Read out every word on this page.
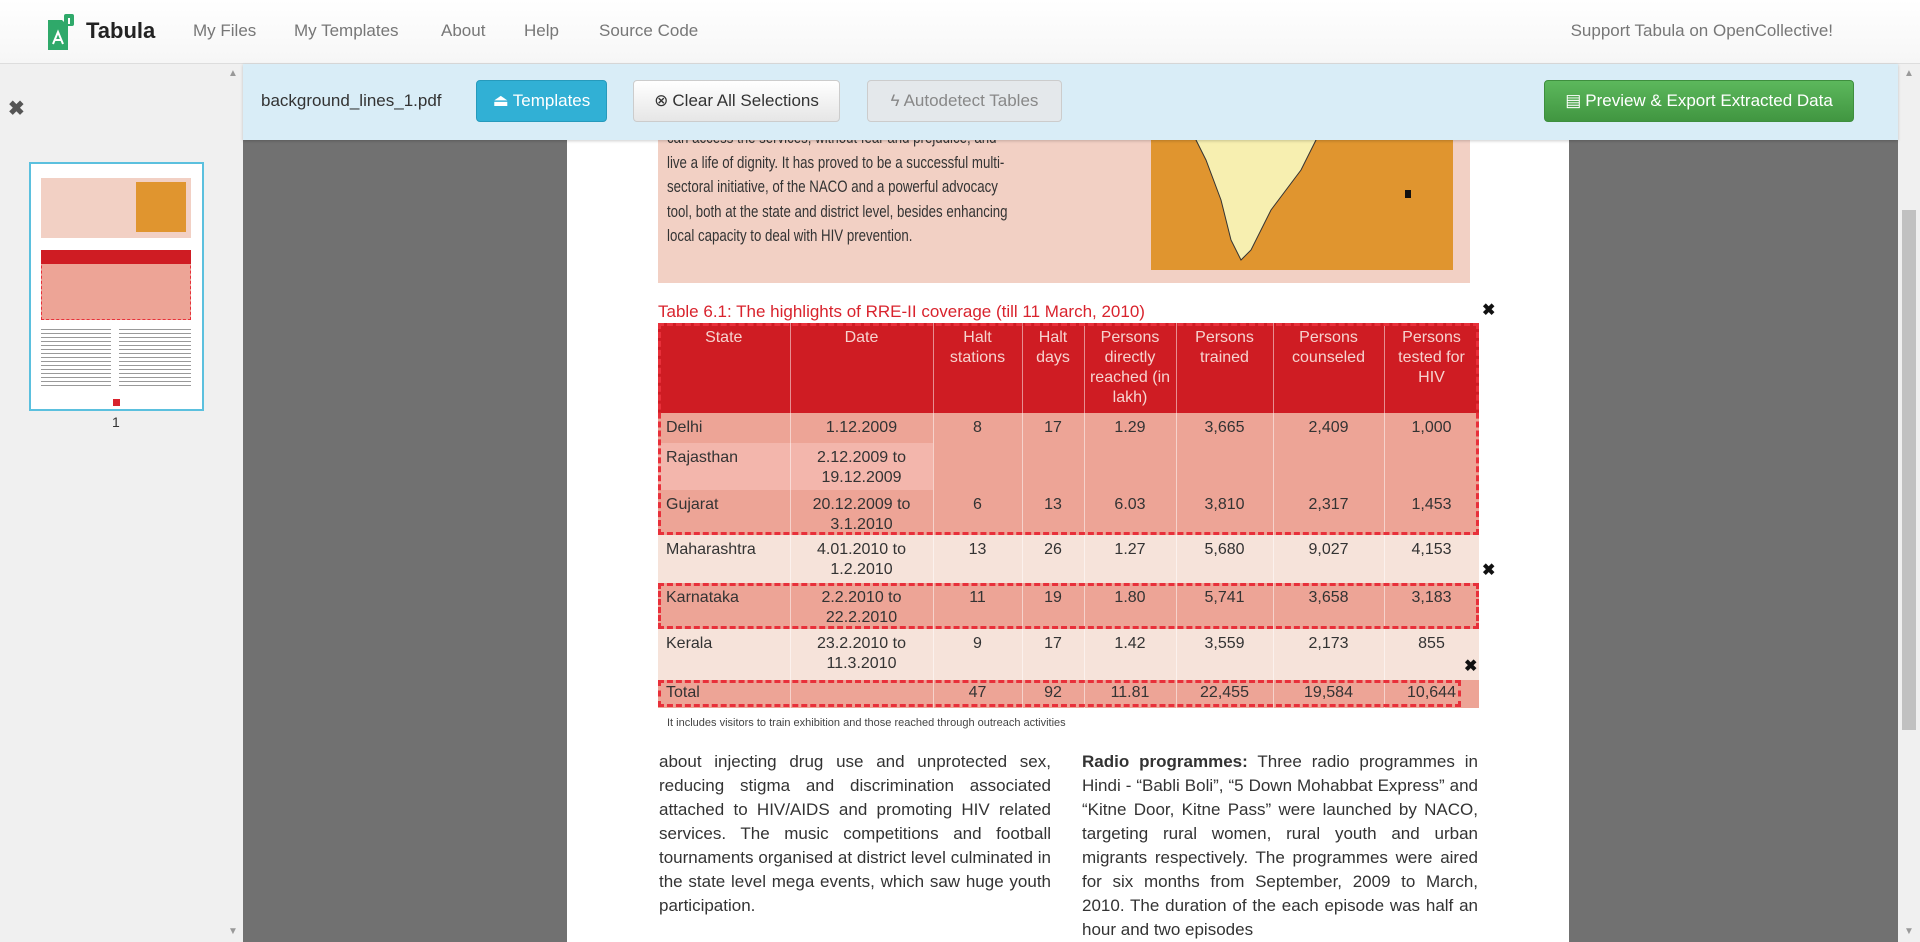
Tabula My Files My Templates About Help Source Code	Support Tabula on OpenCollective!
✖
1
▲
▼
live a life of dignity. It has proved to be a successful multi-
sectoral initiative, of the NACO and a powerful advocacy
tool, both at the state and district level, besides enhancing
local capacity to deal with HIV prevention.
Table 6.1: The highlights of RRE-II coverage (till 11 March, 2010)
State	Date	Halt stations	Halt days	Persons directly reached (in lakh)	Persons trained	Persons counseled	Persons tested for HIV
Delhi	1.12.2009	8	17	1.29	3,665	2,409	1,000
Rajasthan	2.12.2009 to 19.12.2009						
Gujarat	20.12.2009 to 3.1.2010	6	13	6.03	3,810	2,317	1,453
Maharashtra	4.01.2010 to 1.2.2010	13	26	1.27	5,680	9,027	4,153
Karnataka	2.2.2010 to 22.2.2010	11	19	1.80	5,741	3,658	3,183
Kerala	23.2.2010 to 11.3.2010	9	17	1.42	3,559	2,173	855
Total		47	92	11.81	22,455	19,584	10,644
✖
✖
✖
It includes visitors to train exhibition and those reached through outreach activities
about injecting drug use and unprotected sex, reducing stigma and discrimination associated attached to HIV/AIDS and promoting HIV related services. The music competitions and football tournaments organised at district level culminated in the state level mega events, which saw huge youth participation.
Radio programmes: Three radio programmes in Hindi - “Babli Boli”, “5 Down Mohabbat Express” and “Kitne Door, Kitne Pass” were launched by NACO, targeting rural women, rural youth and urban migrants respectively. The programmes were aired for six months from September, 2009 to March, 2010. The duration of the each episode was half an hour and two episodes
background_lines_1.pdf	⏏ Templates	⊗ Clear All Selections	ϟ Autodetect Tables	▤ Preview & Export Extracted Data
▲
▼
